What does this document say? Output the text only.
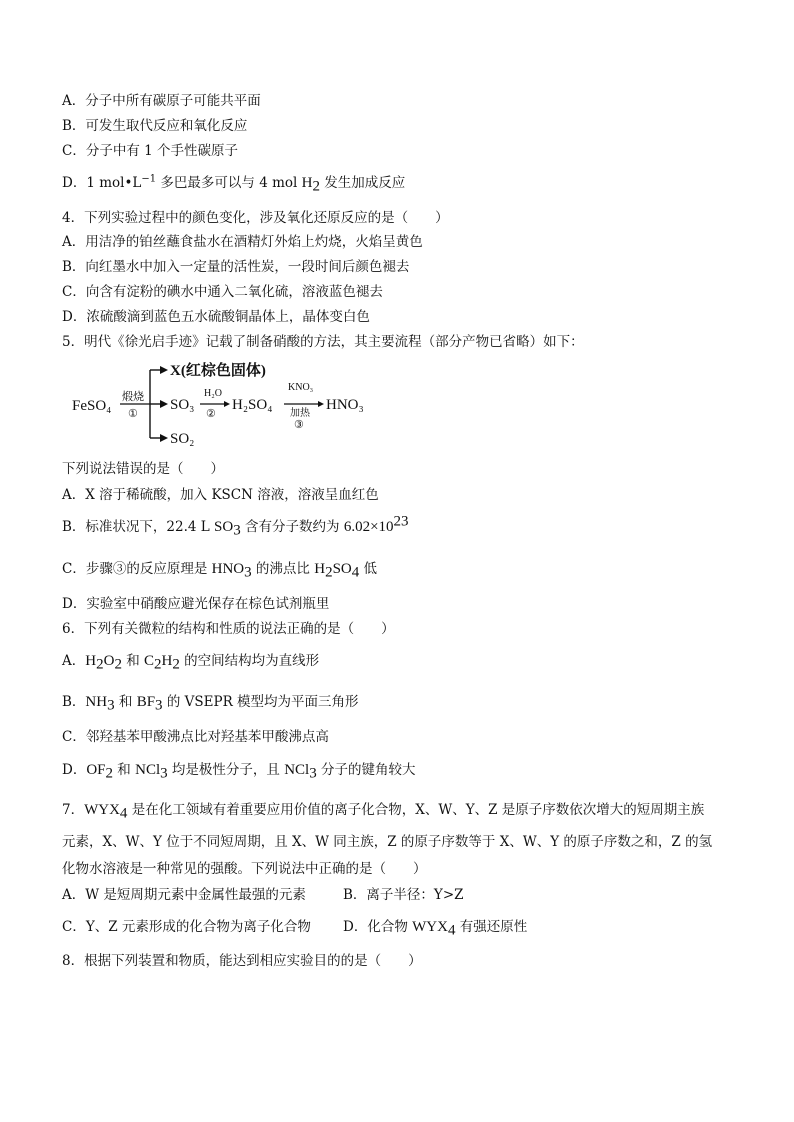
A．分子中所有碳原子可能共平面
B．可发生取代反应和氧化反应
C．分子中有 1 个手性碳原子
D．1 $mol•L^{-1}$ 多巴最多可以与 4 mol $H_2$ 发生加成反应
4．下列实验过程中的颜色变化，涉及氧化还原反应的是（　　）
A．用洁净的铂丝蘸食盐水在酒精灯外焰上灼烧，火焰呈黄色
B．向红墨水中加入一定量的活性炭，一段时间后颜色褪去
C．向含有淀粉的碘水中通入二氧化硫，溶液蓝色褪去
D．浓硫酸滴到蓝色五水硫酸铜晶体上，晶体变白色
5．明代《徐光启手迹》记载了制备硝酸的方法，其主要流程（部分产物已省略）如下：
FeSO₄
煅烧
①
X(红棕色固体)
SO₃
SO₂
H₂O
②
H₂SO₄
KNO₃
加热
③
HNO₃
下列说法错误的是（　　）
A．X 溶于稀硫酸，加入 KSCN 溶液，溶液呈血红色
B．标准状况下，22.4 L $SO_3$ 含有分子数约为 $6.02\times 10^{23}$
C．步骤③的反应原理是 $HNO_3$ 的沸点比 $H_2SO_4$ 低
D．实验室中硝酸应避光保存在棕色试剂瓶里
6．下列有关微粒的结构和性质的说法正确的是（　　）
A．$H_2O_2$ 和 $C_2H_2$ 的空间结构均为直线形
B．$NH_3$ 和 $BF_3$ 的 VSEPR 模型均为平面三角形
C．邻羟基苯甲酸沸点比对羟基苯甲酸沸点高
D．$OF_2$ 和 NCl$_3$ 均是极性分子，且 NCl$_3$ 分子的键角较大
7．$WYX_4$ 是在化工领域有着重要应用价值的离子化合物，X、W、Y、Z 是原子序数依次增大的短周期主族
元素，X、W、Y 位于不同短周期，且 X、W 同主族，Z 的原子序数等于 X、W、Y 的原子序数之和，Z 的氢
化物水溶液是一种常见的强酸。下列说法中正确的是（　　）
A．W 是短周期元素中金属性最强的元素	B．离子半径：Y>Z
C．Y、Z 元素形成的化合物为离子化合物 D．化合物 $WYX_4$ 有强还原性
8．根据下列装置和物质，能达到相应实验目的的是（　　）
